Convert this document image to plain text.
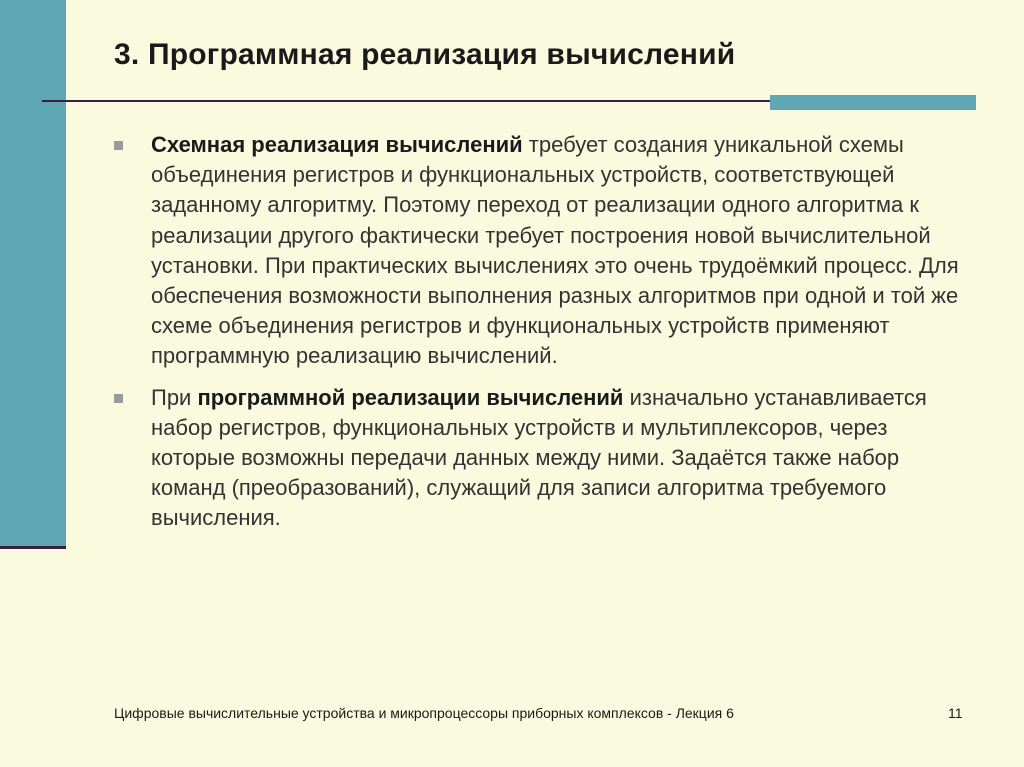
3. Программная реализация вычислений
Схемная реализация вычислений требует создания уникальной схемы объединения регистров и функциональных устройств, соответствующей заданному алгоритму. Поэтому переход от реализации одного алгоритма к реализации другого фактически требует построения новой вычислительной установки. При практических вычислениях это очень трудоёмкий процесс. Для обеспечения возможности выполнения разных алгоритмов при одной и той же схеме объединения регистров и функциональных устройств применяют программную реализацию вычислений.
При программной реализации вычислений изначально устанавливается набор регистров, функциональных устройств и мультиплексоров, через которые возможны передачи данных между ними. Задаётся также набор команд (преобразований), служащий для записи алгоритма требуемого вычисления.
Цифровые вычислительные устройства и микропроцессоры приборных комплексов - Лекция 6	11
